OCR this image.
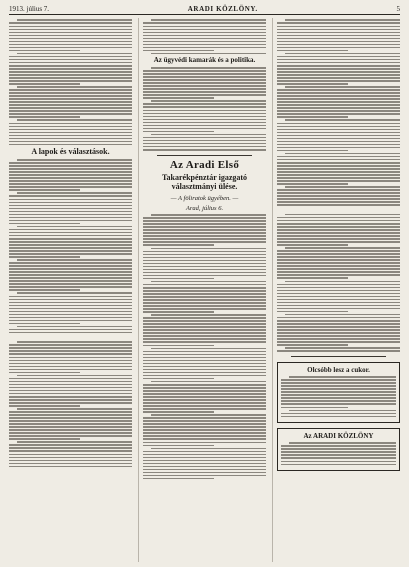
1913. július 7.	ARADI KÖZLÖNY.	5
A lapok és választások.
Az ügyvédi kamarák és a politika.
Az Aradi Első
Takarékpénztár igazgató választmányi ülése.
— A föliratok ügyében. —
Arad, július 6.
Olcsóbb lesz a cukor.
Az ARADI KÖZLÖNY
